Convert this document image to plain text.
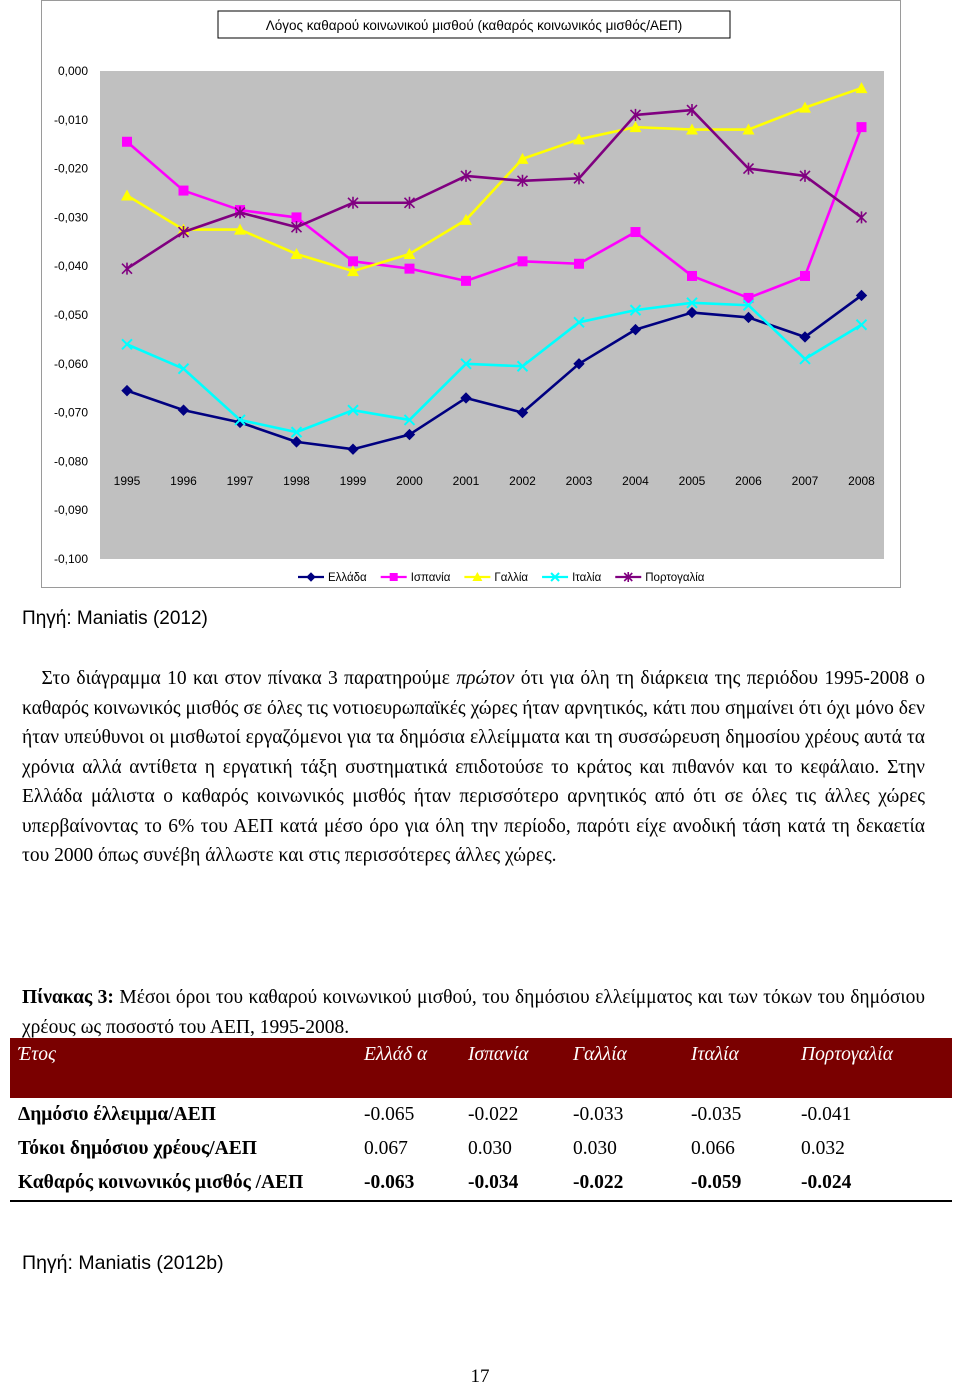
Λόγος καθαρού κοινωνικού μισθού (καθαρός κοινωνικός μισθός/ΑΕΠ)
0,000
-0,010
-0,020
-0,030
-0,040
-0,050
-0,060
-0,070
-0,080
-0,090
-0,100
1995 1996 1997 1998 1999 2000 2001 2002 2003 2004 2005 2006 2007 2008
Ελλάδα	Ισπανία	Γαλλία	Ιταλία	Πορτογαλία
Πηγή: Maniatis (2012)
 Στο διάγραμμα 10 και στον πίνακα 3 παρατηρούμε πρώτον ότι για όλη τη διάρκεια της περιόδου 1995-2008 ο καθαρός κοινωνικός μισθός σε όλες τις νοτιοευρωπαϊκές χώρες ήταν αρνητικός, κάτι που σημαίνει ότι όχι μόνο δεν ήταν υπεύθυνοι οι μισθωτοί εργαζόμενοι για τα δημόσια ελλείμματα και τη συσσώρευση δημοσίου χρέους αυτά τα χρόνια αλλά αντίθετα η εργατική τάξη συστηματικά επιδοτούσε το κράτος και πιθανόν και το κεφάλαιο. Στην Ελλάδα μάλιστα ο καθαρός κοινωνικός μισθός ήταν περισσότερο αρνητικός από ότι σε όλες τις άλλες χώρες υπερβαίνοντας το 6% του ΑΕΠ κατά μέσο όρο για όλη την περίοδο, παρότι είχε ανοδική τάση κατά τη δεκαετία του 2000 όπως συνέβη άλλωστε και στις περισσότερες άλλες χώρες.
Πίνακας 3: Μέσοι όροι του καθαρού κοινωνικού μισθού, του δημόσιου ελλείμματος και των τόκων του δημόσιου χρέους ως ποσοστό του ΑΕΠ, 1995-2008.
Έτος	Ελλάδ α	Ισπανία	Γαλλία	Ιταλία	Πορτογαλία
Δημόσιο έλλειμμα/ΑΕΠ	-0.065	-0.022	-0.033	-0.035	-0.041
Τόκοι δημόσιου χρέους/ΑΕΠ	0.067	0.030	0.030	0.066	0.032
Καθαρός κοινωνικός μισθός /ΑΕΠ	-0.063	-0.034	-0.022	-0.059	-0.024
Πηγή: Maniatis (2012b)
17
